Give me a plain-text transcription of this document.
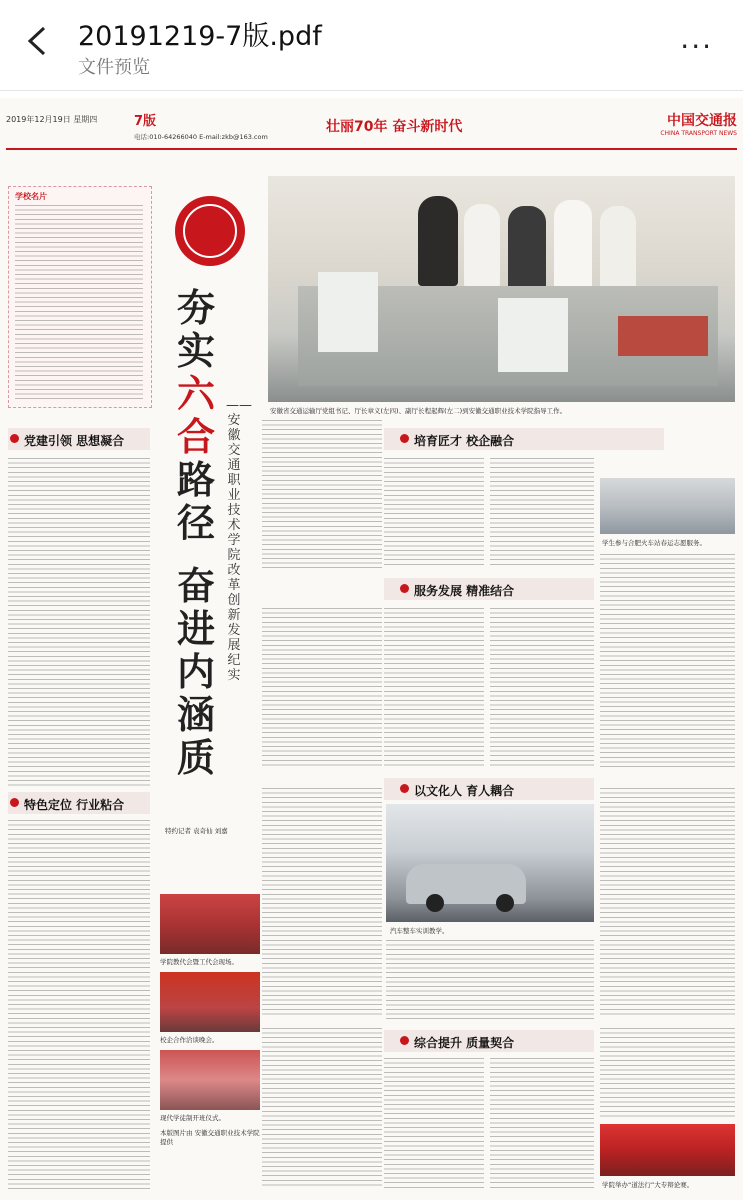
20191219-7版.pdf
文件预览
···
2019年12月19日 星期四	7版
电话:010-64266040 E-mail:zkb@163.com
壮丽70年 奋斗新时代	中国交通报
CHINA TRANSPORT NEWS
学校名片
夯
实
六
合
路
径
奋
进
内
涵
质
——安徽交通职业技术学院改革创新发展纪实
安徽省交通运输厅党组书记、厅长章义(左四)、副厅长程起辉(左二)到安徽交通职业技术学院指导工作。
党建引领 思想凝合
特色定位 行业粘合
特约记者 袁奇仙 刘嘉
学院教代会暨工代会现场。
校企合作洽谈晚会。
现代学徒制开班仪式。
本版图片由 安徽交通职业技术学院 提供
培育匠才 校企融合
学生参与合肥火车站春运志愿服务。
服务发展 精准结合
以文化人 育人耦合
汽车整车实训教学。
综合提升 质量契合
学院举办“道法行”大专辩论赛。
